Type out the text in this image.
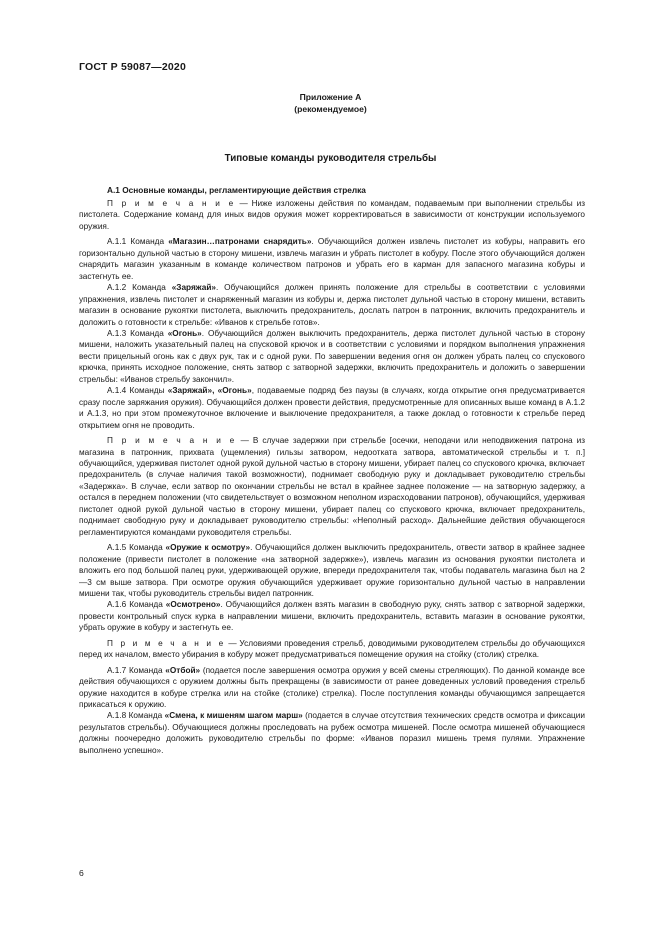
ГОСТ Р 59087—2020
Приложение А
(рекомендуемое)
Типовые команды руководителя стрельбы
А.1 Основные команды, регламентирующие действия стрелка

П р и м е ч а н и е — Ниже изложены действия по командам, подаваемым при выполнении стрельбы из пистолета. Содержание команд для иных видов оружия может корректироваться в зависимости от конструкции используемого оружия.

А.1.1 Команда «Магазин…патронами снарядить». Обучающийся должен извлечь пистолет из кобуры, направить его горизонтально дульной частью в сторону мишени, извлечь магазин и убрать пистолет в кобуру. После этого обучающийся должен снарядить магазин указанным в команде количеством патронов и убрать его в карман для запасного магазина кобуры и застегнуть ее.

А.1.2 Команда «Заряжай». Обучающийся должен принять положение для стрельбы в соответствии с условиями упражнения, извлечь пистолет и снаряженный магазин из кобуры и, держа пистолет дульной частью в сторону мишени, вставить магазин в основание рукоятки пистолета, выключить предохранитель, дослать патрон в патронник, включить предохранитель и доложить о готовности к стрельбе: «Иванов к стрельбе готов».

А.1.3 Команда «Огонь». Обучающийся должен выключить предохранитель, держа пистолет дульной частью в сторону мишени, наложить указательный палец на спусковой крючок и в соответствии с условиями и порядком выполнения упражнения вести прицельный огонь как с двух рук, так и с одной руки. По завершении ведения огня он должен убрать палец со спускового крючка, принять исходное положение, снять затвор с затворной задержки, включить предохранитель и доложить о завершении стрельбы: «Иванов стрельбу закончил».

А.1.4 Команды «Заряжай», «Огонь», подаваемые подряд без паузы (в случаях, когда открытие огня предусматривается сразу после заряжания оружия). Обучающийся должен провести действия, предусмотренные для описанных выше команд в А.1.2 и А.1.3, но при этом промежуточное включение и выключение предохранителя, а также доклад о готовности к стрельбе перед открытием огня не проводить.

П р и м е ч а н и е — В случае задержки при стрельбе [осечки, неподачи или неподвижения патрона из магазина в патронник, прихвата (ущемления) гильзы затвором, недоотката затвора, автоматической стрельбы и т. п.] обучающийся, удерживая пистолет одной рукой дульной частью в сторону мишени, убирает палец со спускового крючка, включает предохранитель (в случае наличия такой возможности), поднимает свободную руку и докладывает руководителю стрельбы «Задержка». В случае, если затвор по окончании стрельбы не встал в крайнее заднее положение — на затворную задержку, а остался в переднем положении (что свидетельствует о возможном неполном израсходовании патронов), обучающийся, удерживая пистолет одной рукой дульной частью в сторону мишени, убирает палец со спускового крючка, включает предохранитель, поднимает свободную руку и докладывает руководителю стрельбы: «Неполный расход». Дальнейшие действия обучающегося регламентируются командами руководителя стрельбы.

А.1.5 Команда «Оружие к осмотру». Обучающийся должен выключить предохранитель, отвести затвор в крайнее заднее положение (привести пистолет в положение «на затворной задержке»), извлечь магазин из основания рукоятки пистолета и вложить его под большой палец руки, удерживающей оружие, впереди предохранителя так, чтобы подаватель магазина был на 2—3 см выше затвора. При осмотре оружия обучающийся удерживает оружие горизонтально дульной частью в направлении мишени так, чтобы руководитель стрельбы видел патронник.

А.1.6 Команда «Осмотрено». Обучающийся должен взять магазин в свободную руку, снять затвор с затворной задержки, провести контрольный спуск курка в направлении мишени, включить предохранитель, вставить магазин в основание рукоятки, убрать оружие в кобуру и застегнуть ее.

П р и м е ч а н и е — Условиями проведения стрельб, доводимыми руководителем стрельбы до обучающихся перед их началом, вместо убирания в кобуру может предусматриваться помещение оружия на стойку (столик) стрелка.

А.1.7 Команда «Отбой» (подается после завершения осмотра оружия у всей смены стреляющих). По данной команде все действия обучающихся с оружием должны быть прекращены (в зависимости от ранее доведенных условий проведения стрельб оружие находится в кобуре стрелка или на стойке (столике) стрелка). После поступления команды обучающимся запрещается прикасаться к оружию.

А.1.8 Команда «Смена, к мишеням шагом марш» (подается в случае отсутствия технических средств осмотра и фиксации результатов стрельбы). Обучающиеся должны проследовать на рубеж осмотра мишеней. После осмотра мишеней обучающиеся должны поочередно доложить руководителю стрельбы по форме: «Иванов поразил мишень тремя пулями. Упражнение выполнено успешно».

6
